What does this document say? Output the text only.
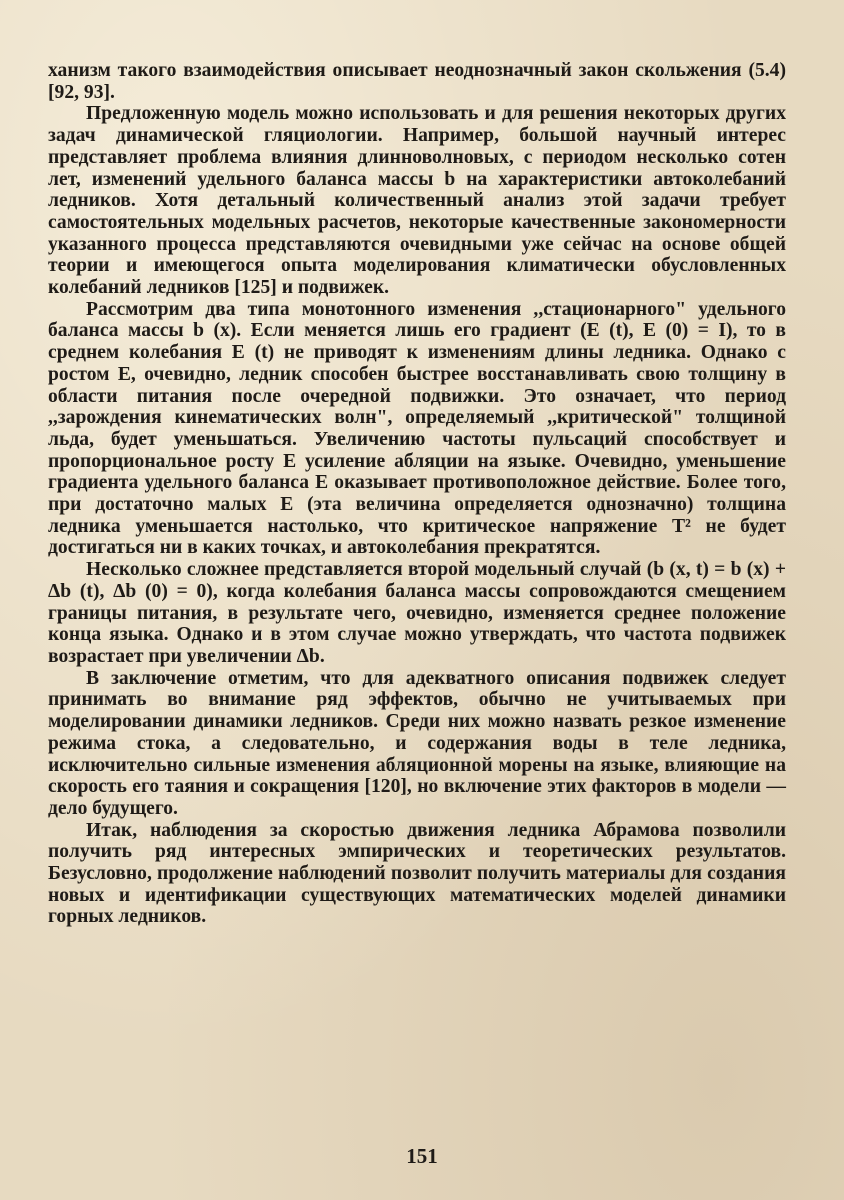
ханизм такого взаимодействия описывает неоднозначный закон скольжения (5.4) [92, 93].

Предложенную модель можно использовать и для решения некоторых других задач динамической гляциологии. Например, большой научный интерес представляет проблема влияния длинноволновых, с периодом несколько сотен лет, изменений удельного баланса массы b на характеристики автоколебаний ледников. Хотя детальный количественный анализ этой задачи требует самостоятельных модельных расчетов, некоторые качественные закономерности указанного процесса представляются очевидными уже сейчас на основе общей теории и имеющегося опыта моделирования климатически обусловленных колебаний ледников [125] и подвижек.

Рассмотрим два типа монотонного изменения ,,стационарного" удельного баланса массы b (x). Если меняется лишь его градиент (E (t), E (0) = I), то в среднем колебания E (t) не приводят к изменениям длины ледника. Однако с ростом E, очевидно, ледник способен быстрее восстанавливать свою толщину в области питания после очередной подвижки. Это означает, что период ,,зарождения кинематических волн", определяемый ,,критической" толщиной льда, будет уменьшаться. Увеличению частоты пульсаций способствует и пропорциональное росту E усиление абляции на языке. Очевидно, уменьшение градиента удельного баланса E оказывает противоположное действие. Более того, при достаточно малых E (эта величина определяется однозначно) толщина ледника уменьшается настолько, что критическое напряжение T² не будет достигаться ни в каких точках, и автоколебания прекратятся.

Несколько сложнее представляется второй модельный случай (b (x, t) = b (x) + Δb (t), Δb (0) = 0), когда колебания баланса массы сопровождаются смещением границы питания, в результате чего, очевидно, изменяется среднее положение конца языка. Однако и в этом случае можно утверждать, что частота подвижек возрастает при увеличении Δb.

В заключение отметим, что для адекватного описания подвижек следует принимать во внимание ряд эффектов, обычно не учитываемых при моделировании динамики ледников. Среди них можно назвать резкое изменение режима стока, а следовательно, и содержания воды в теле ледника, исключительно сильные изменения абляционной морены на языке, влияющие на скорость его таяния и сокращения [120], но включение этих факторов в модели — дело будущего.

Итак, наблюдения за скоростью движения ледника Абрамова позволили получить ряд интересных эмпирических и теоретических результатов. Безусловно, продолжение наблюдений позволит получить материалы для создания новых и идентификации существующих математических моделей динамики горных ледников.

151
